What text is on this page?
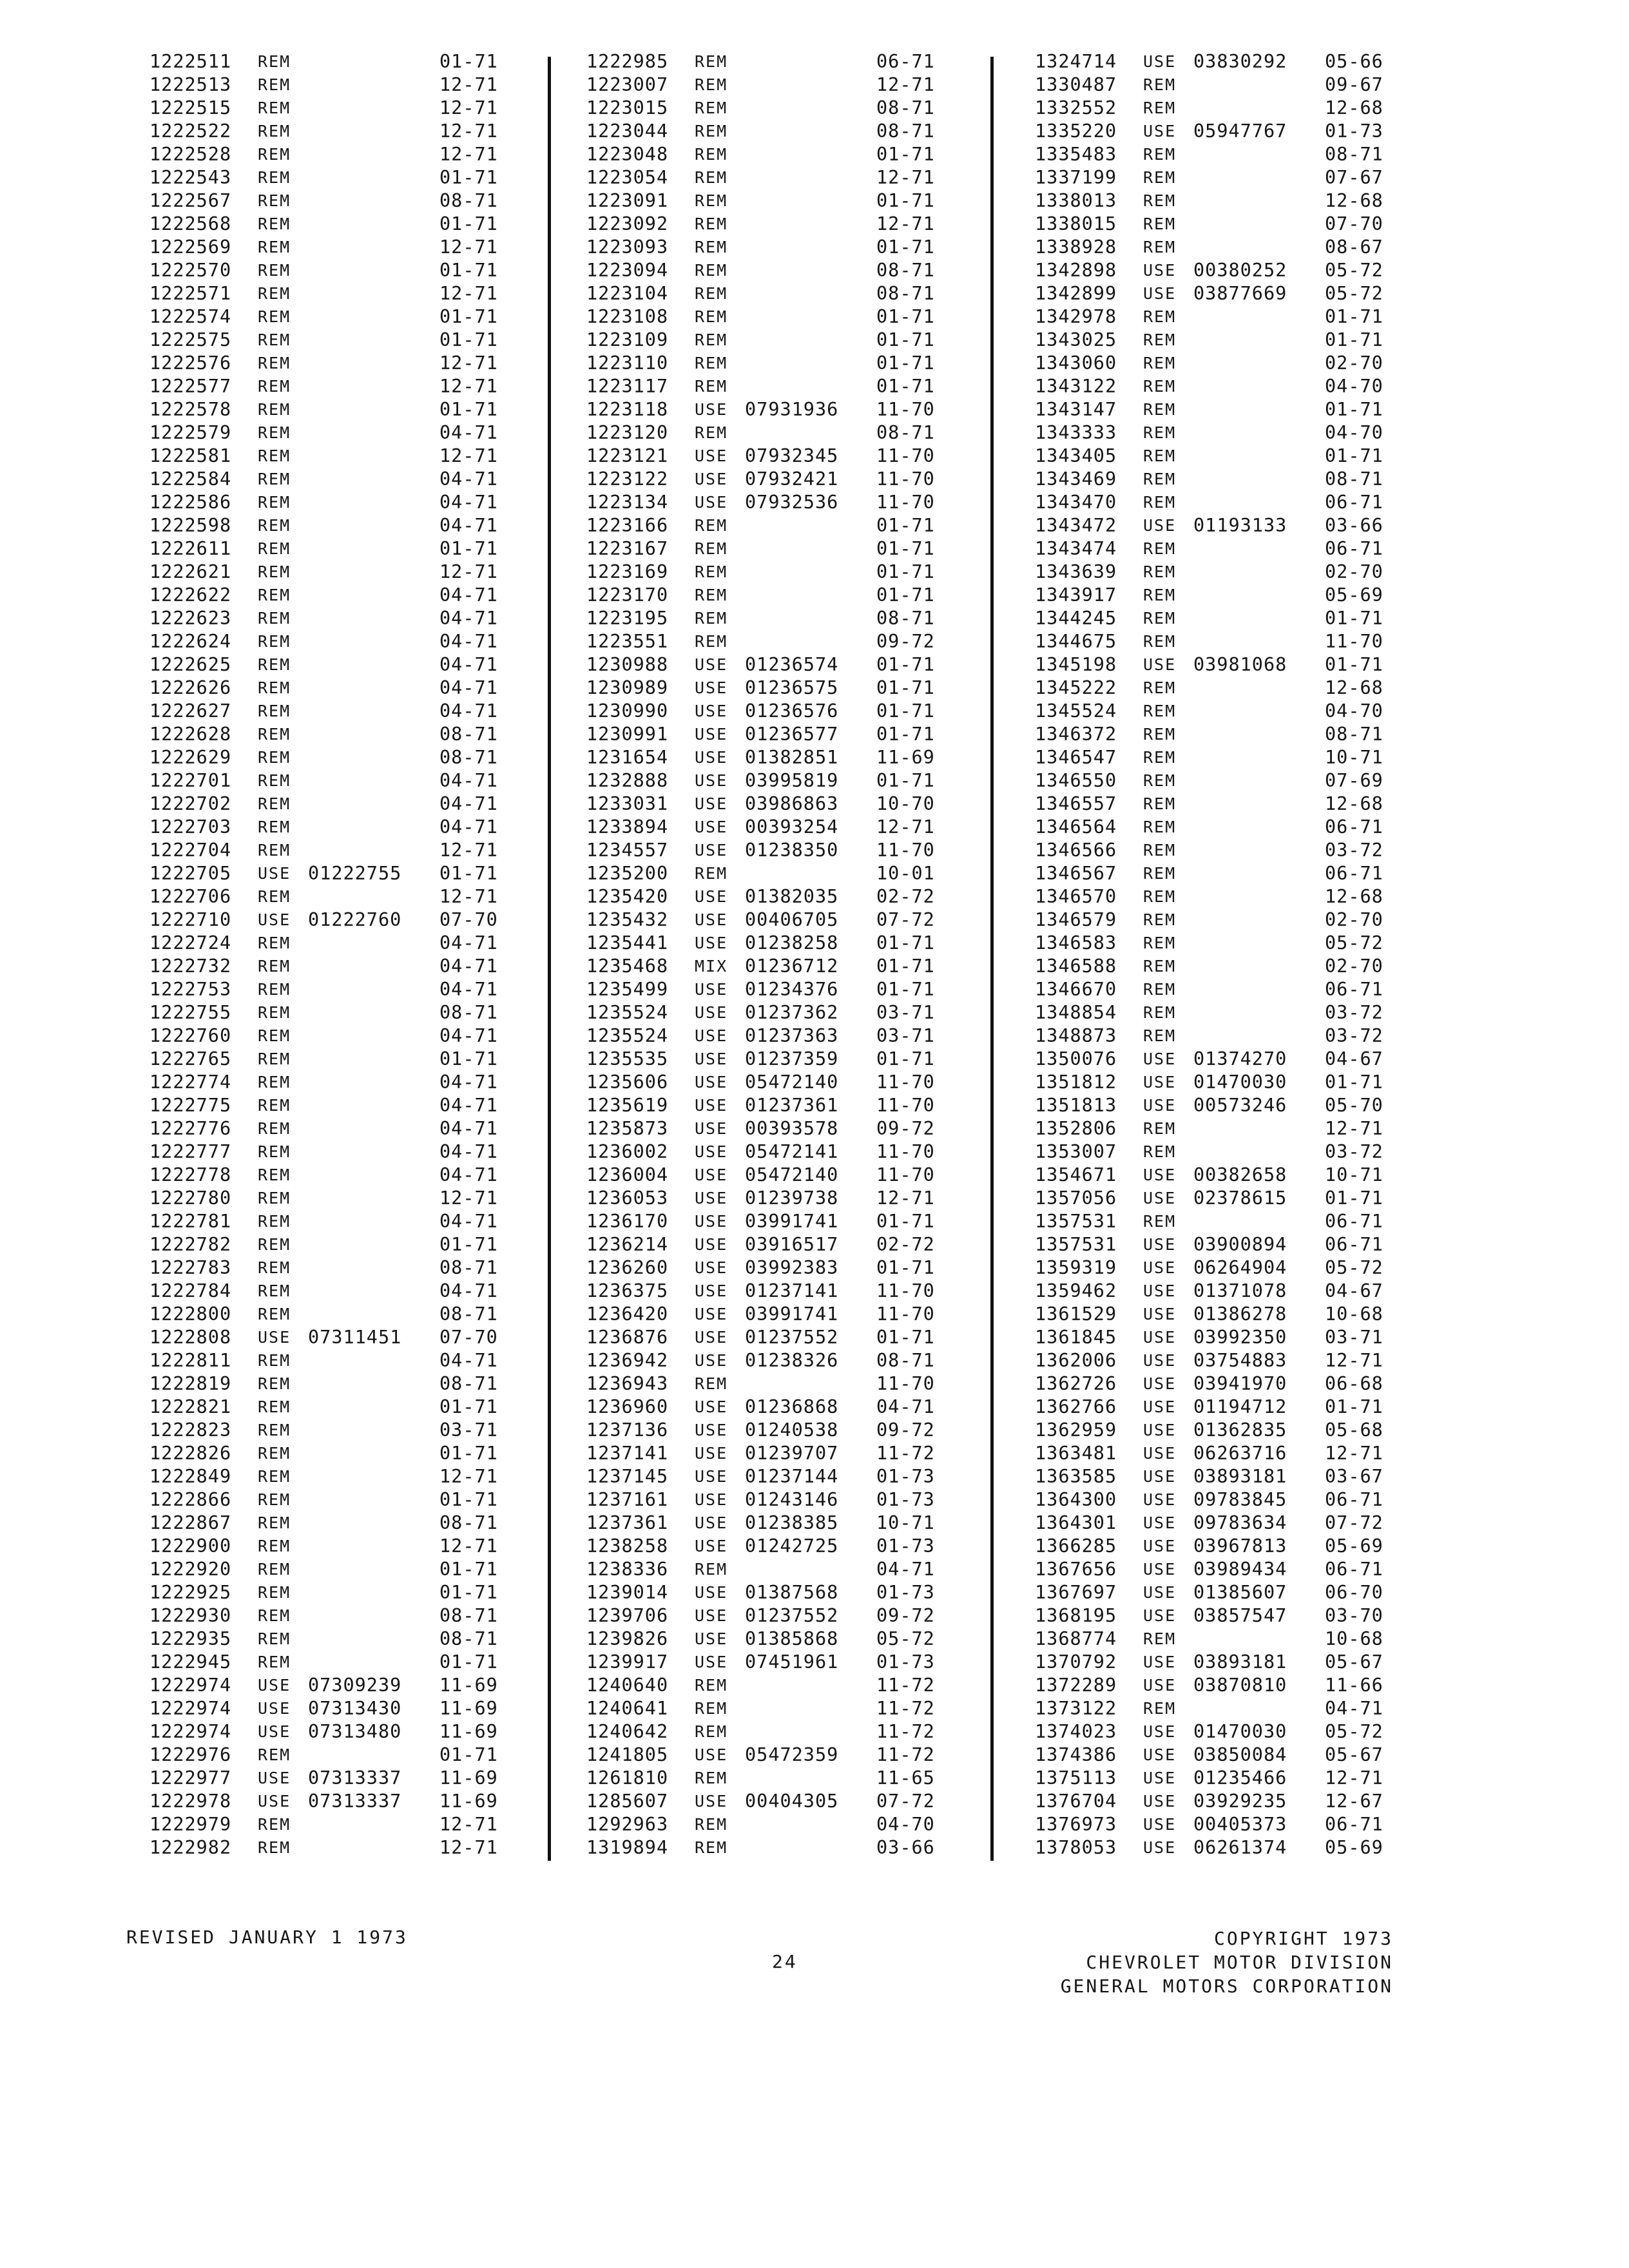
1222511 REM	01-71
1222513 REM	12-71
1222515 REM	12-71
1222522 REM	12-71
1222528 REM	12-71
1222543 REM	01-71
1222567 REM	08-71
1222568 REM	01-71
1222569 REM	12-71
1222570 REM	01-71
1222571 REM	12-71
1222574 REM	01-71
1222575 REM	01-71
1222576 REM	12-71
1222577 REM	12-71
1222578 REM	01-71
1222579 REM	04-71
1222581 REM	12-71
1222584 REM	04-71
1222586 REM	04-71
1222598 REM	04-71
1222611 REM	01-71
1222621 REM	12-71
1222622 REM	04-71
1222623 REM	04-71
1222624 REM	04-71
1222625 REM	04-71
1222626 REM	04-71
1222627 REM	04-71
1222628 REM	08-71
1222629 REM	08-71
1222701 REM	04-71
1222702 REM	04-71
1222703 REM	04-71
1222704 REM	12-71
1222705 USE 01222755 01-71
1222706 REM	12-71
1222710 USE 01222760 07-70
1222724 REM	04-71
1222732 REM	04-71
1222753 REM	04-71
1222755 REM	08-71
1222760 REM	04-71
1222765 REM	01-71
1222774 REM	04-71
1222775 REM	04-71
1222776 REM	04-71
1222777 REM	04-71
1222778 REM	04-71
1222780 REM	12-71
1222781 REM	04-71
1222782 REM	01-71
1222783 REM	08-71
1222784 REM	04-71
1222800 REM	08-71
1222808 USE 07311451 07-70
1222811 REM	04-71
1222819 REM	08-71
1222821 REM	01-71
1222823 REM	03-71
1222826 REM	01-71
1222849 REM	12-71
1222866 REM	01-71
1222867 REM	08-71
1222900 REM	12-71
1222920 REM	01-71
1222925 REM	01-71
1222930 REM	08-71
1222935 REM	08-71
1222945 REM	01-71
1222974 USE 07309239 11-69
1222974 USE 07313430 11-69
1222974 USE 07313480 11-69
1222976 REM	01-71
1222977 USE 07313337 11-69
1222978 USE 07313337 11-69
1222979 REM	12-71
1222982 REM	12-71
1222985 REM	06-71
1223007 REM	12-71
1223015 REM	08-71
1223044 REM	08-71
1223048 REM	01-71
1223054 REM	12-71
1223091 REM	01-71
1223092 REM	12-71
1223093 REM	01-71
1223094 REM	08-71
1223104 REM	08-71
1223108 REM	01-71
1223109 REM	01-71
1223110 REM	01-71
1223117 REM	01-71
1223118 USE 07931936 11-70
1223120 REM	08-71
1223121 USE 07932345 11-70
1223122 USE 07932421 11-70
1223134 USE 07932536 11-70
1223166 REM	01-71
1223167 REM	01-71
1223169 REM	01-71
1223170 REM	01-71
1223195 REM	08-71
1223551 REM	09-72
1230988 USE 01236574 01-71
1230989 USE 01236575 01-71
1230990 USE 01236576 01-71
1230991 USE 01236577 01-71
1231654 USE 01382851 11-69
1232888 USE 03995819 01-71
1233031 USE 03986863 10-70
1233894 USE 00393254 12-71
1234557 USE 01238350 11-70
1235200 REM	10-01
1235420 USE 01382035 02-72
1235432 USE 00406705 07-72
1235441 USE 01238258 01-71
1235468 MIX 01236712 01-71
1235499 USE 01234376 01-71
1235524 USE 01237362 03-71
1235524 USE 01237363 03-71
1235535 USE 01237359 01-71
1235606 USE 05472140 11-70
1235619 USE 01237361 11-70
1235873 USE 00393578 09-72
1236002 USE 05472141 11-70
1236004 USE 05472140 11-70
1236053 USE 01239738 12-71
1236170 USE 03991741 01-71
1236214 USE 03916517 02-72
1236260 USE 03992383 01-71
1236375 USE 01237141 11-70
1236420 USE 03991741 11-70
1236876 USE 01237552 01-71
1236942 USE 01238326 08-71
1236943 REM	11-70
1236960 USE 01236868 04-71
1237136 USE 01240538 09-72
1237141 USE 01239707 11-72
1237145 USE 01237144 01-73
1237161 USE 01243146 01-73
1237361 USE 01238385 10-71
1238258 USE 01242725 01-73
1238336 REM	04-71
1239014 USE 01387568 01-73
1239706 USE 01237552 09-72
1239826 USE 01385868 05-72
1239917 USE 07451961 01-73
1240640 REM	11-72
1240641 REM	11-72
1240642 REM	11-72
1241805 USE 05472359 11-72
1261810 REM	11-65
1285607 USE 00404305 07-72
1292963 REM	04-70
1319894 REM	03-66
1324714 USE 03830292 05-66
1330487 REM	09-67
1332552 REM	12-68
1335220 USE 05947767 01-73
1335483 REM	08-71
1337199 REM	07-67
1338013 REM	12-68
1338015 REM	07-70
1338928 REM	08-67
1342898 USE 00380252 05-72
1342899 USE 03877669 05-72
1342978 REM	01-71
1343025 REM	01-71
1343060 REM	02-70
1343122 REM	04-70
1343147 REM	01-71
1343333 REM	04-70
1343405 REM	01-71
1343469 REM	08-71
1343470 REM	06-71
1343472 USE 01193133 03-66
1343474 REM	06-71
1343639 REM	02-70
1343917 REM	05-69
1344245 REM	01-71
1344675 REM	11-70
1345198 USE 03981068 01-71
1345222 REM	12-68
1345524 REM	04-70
1346372 REM	08-71
1346547 REM	10-71
1346550 REM	07-69
1346557 REM	12-68
1346564 REM	06-71
1346566 REM	03-72
1346567 REM	06-71
1346570 REM	12-68
1346579 REM	02-70
1346583 REM	05-72
1346588 REM	02-70
1346670 REM	06-71
1348854 REM	03-72
1348873 REM	03-72
1350076 USE 01374270 04-67
1351812 USE 01470030 01-71
1351813 USE 00573246 05-70
1352806 REM	12-71
1353007 REM	03-72
1354671 USE 00382658 10-71
1357056 USE 02378615 01-71
1357531 REM	06-71
1357531 USE 03900894 06-71
1359319 USE 06264904 05-72
1359462 USE 01371078 04-67
1361529 USE 01386278 10-68
1361845 USE 03992350 03-71
1362006 USE 03754883 12-71
1362726 USE 03941970 06-68
1362766 USE 01194712 01-71
1362959 USE 01362835 05-68
1363481 USE 06263716 12-71
1363585 USE 03893181 03-67
1364300 USE 09783845 06-71
1364301 USE 09783634 07-72
1366285 USE 03967813 05-69
1367656 USE 03989434 06-71
1367697 USE 01385607 06-70
1368195 USE 03857547 03-70
1368774 REM	10-68
1370792 USE 03893181 05-67
1372289 USE 03870810 11-66
1373122 REM	04-71
1374023 USE 01470030 05-72
1374386 USE 03850084 05-67
1375113 USE 01235466 12-71
1376704 USE 03929235 12-67
1376973 USE 00405373 06-71
1378053 USE 06261374 05-69
REVISED JANUARY 1 1973
24
COPYRIGHT 1973
CHEVROLET MOTOR DIVISION
GENERAL MOTORS CORPORATION
